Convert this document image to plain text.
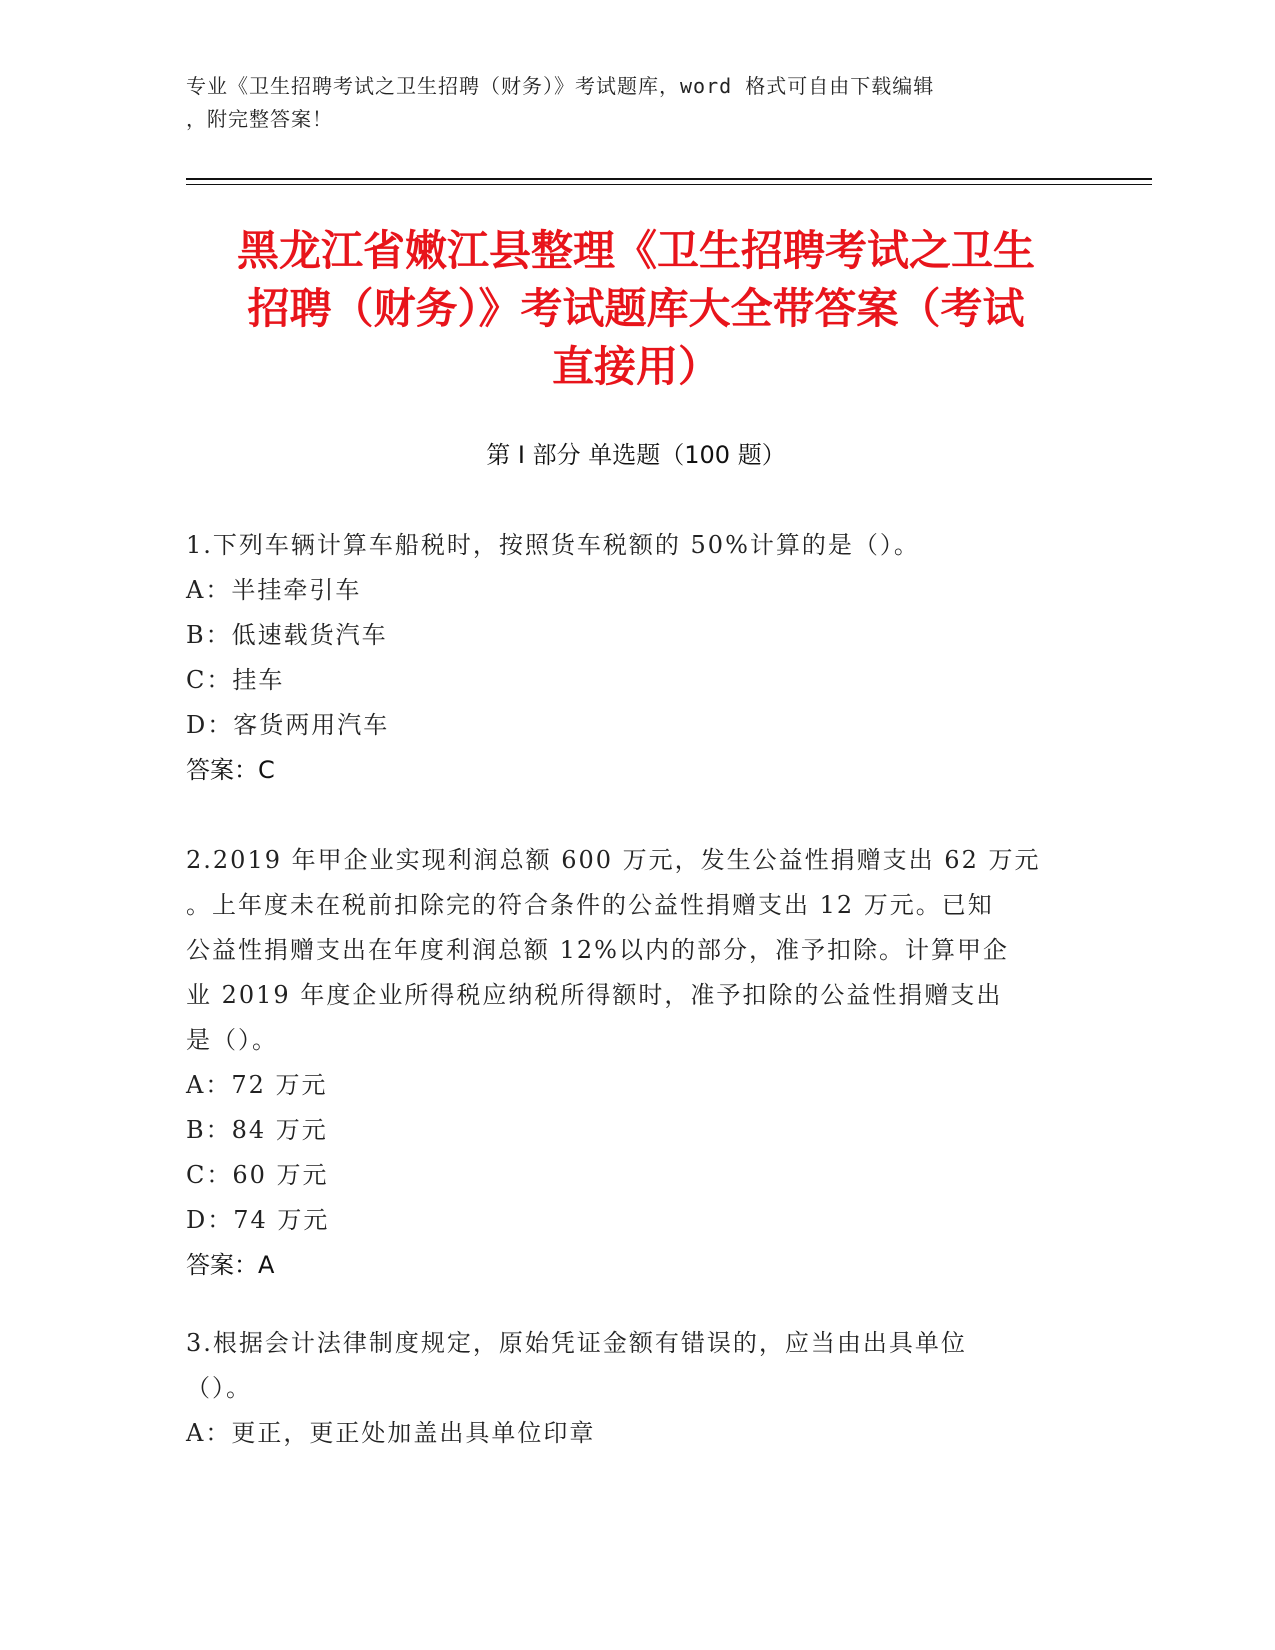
专业《卫生招聘考试之卫生招聘（财务）》考试题库，word 格式可自由下载编辑
，附完整答案！
黑龙江省嫩江县整理《卫生招聘考试之卫生
招聘（财务）》考试题库大全带答案（考试
直接用）
第 I 部分 单选题（100 题）

1.下列车辆计算车船税时，按照货车税额的 50%计算的是（）。

A：半挂牵引车

B：低速载货汽车

C：挂车

D：客货两用汽车

答案：C

2.2019 年甲企业实现利润总额 600 万元，发生公益性捐赠支出 62 万元

。上年度未在税前扣除完的符合条件的公益性捐赠支出 12 万元。已知

公益性捐赠支出在年度利润总额 12%以内的部分，准予扣除。计算甲企

业 2019 年度企业所得税应纳税所得额时，准予扣除的公益性捐赠支出

是（）。

A：72 万元

B：84 万元

C：60 万元

D：74 万元

答案：A

3.根据会计法律制度规定，原始凭证金额有错误的，应当由出具单位

（）。

A：更正，更正处加盖出具单位印章
